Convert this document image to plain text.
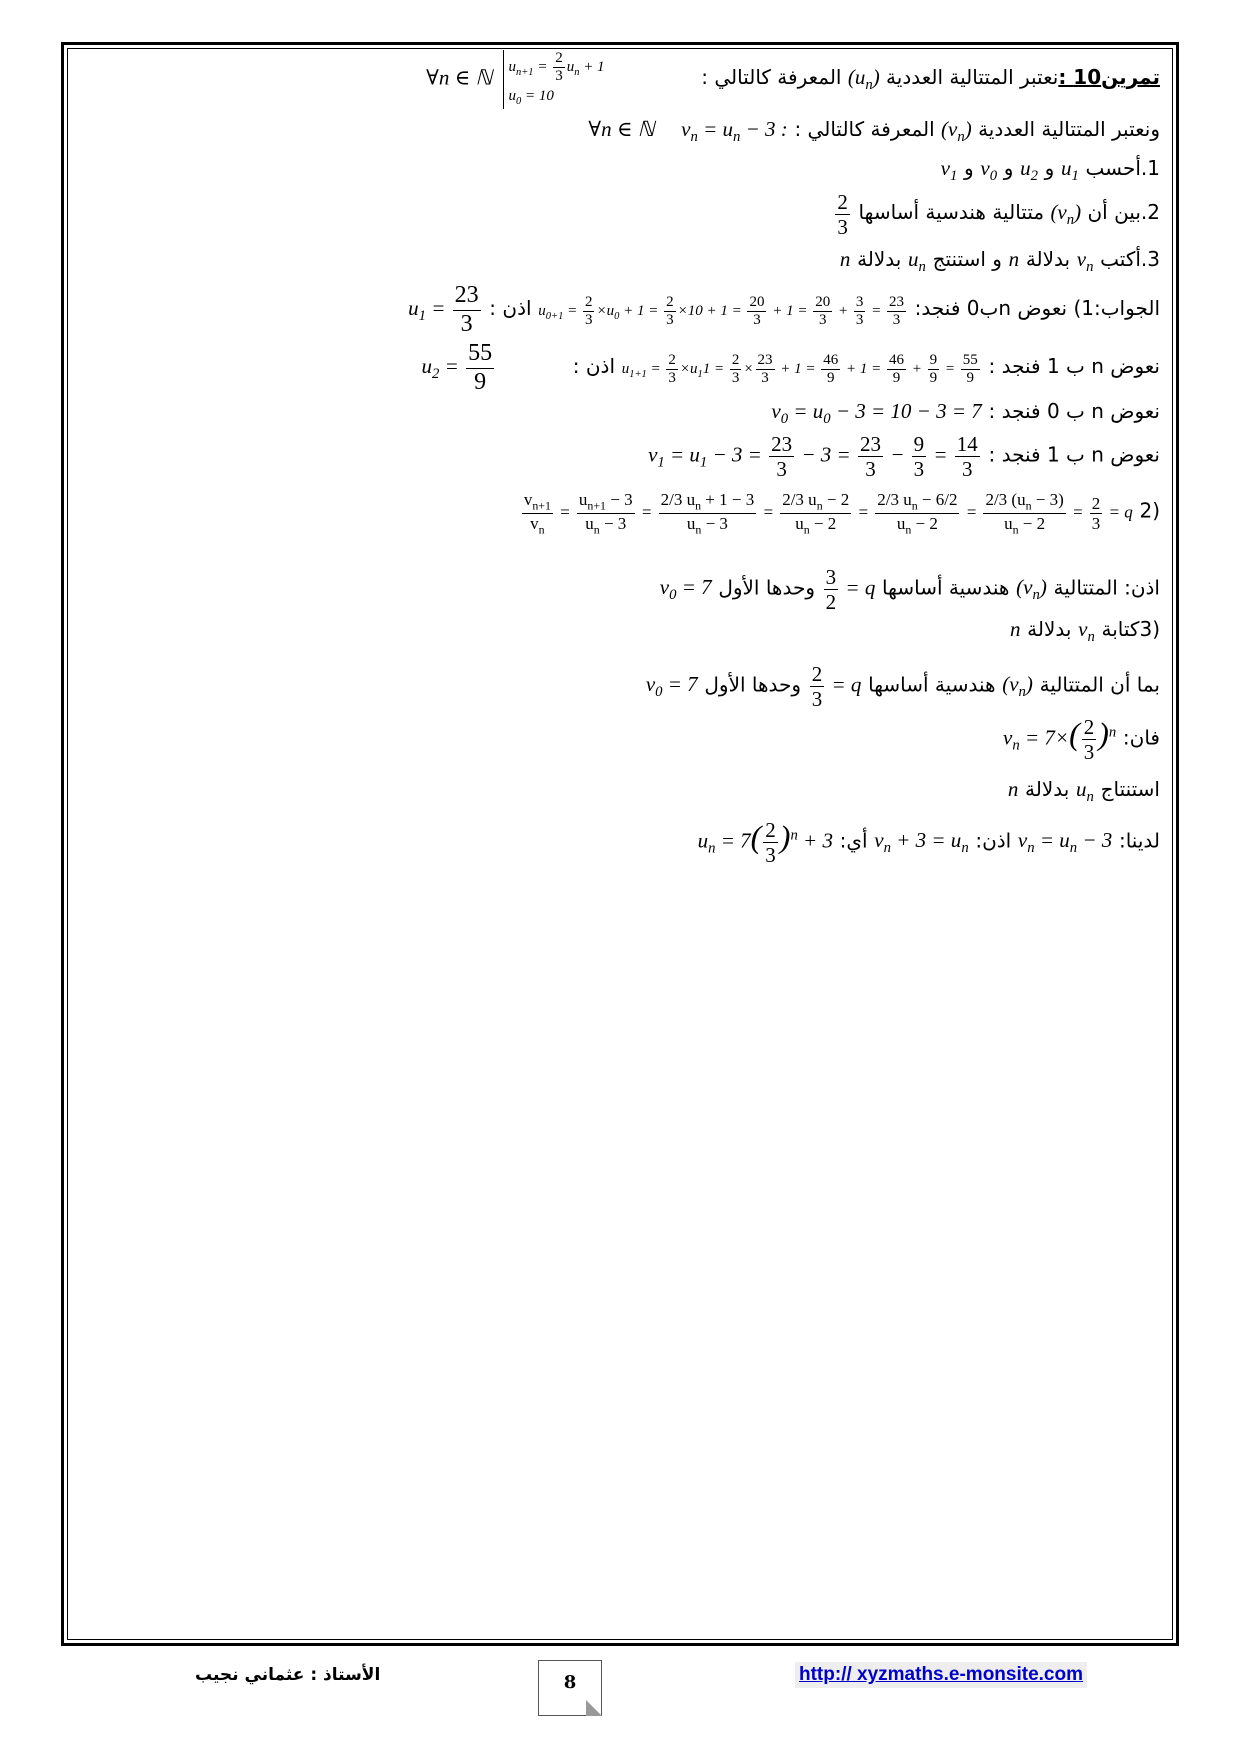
∀n ∈ ℕ $u_{n+1} = \frac{2}{3} u_n + 1$
$u_0 = 10$
تمرين10 :نعتبر المتتالية العددية $(u_n)$ المعرفة كالتالي :
∀n ∈ ℕ $v_n = u_n - 3$ :	ونعتبر المتتالية العددية $(v_n)$ المعرفة كالتالي :
$v_1$ و $v_0$ و $u_2$ و $u_1$ 1.أحسب
$\frac{2}{3}$	2.بين أن $(v_n)$ متتالية هندسية أساسها
n بدلالة $u_n$ و استنتج n بدلالة $v_n$ 3.أكتب
$u_1 = \frac{23}{3}$ اذن : $u_{0+1} = \frac{2}{3} \times u_0 + 1 = \frac{2}{3} \times 10 + 1 = \frac{20}{3} + 1 = \frac{20}{3} + \frac{3}{3} = \frac{23}{3}$ الجواب:1) نعوض nب0 فنجد:
$u_2 = \frac{55}{9}$	اذن : $u_{1+1} = \frac{2}{3} \times u_11 = \frac{2}{3} \times \frac{23}{3} + 1 = \frac{46}{9} + 1 = \frac{46}{9} + \frac{9}{9} = \frac{55}{9}$ نعوض n ب 1 فنجد :
$v_0 = u_0 - 3 = 10 - 3 = 7$ نعوض n ب 0 فنجد :
$v_1 = u_1 - 3 = \frac{23}{3} - 3 = \frac{23}{3} - \frac{9}{3} = \frac{14}{3}$ نعوض n ب 1 فنجد :
$\frac{v_{n+1}}{v_n} = \frac{u_{n+1} - 3}{u_n - 3} = \frac{2/3 u_n + 1 - 3}{u_n - 3} = \frac{2/3 u_n - 2}{u_n - 2} = \frac{2/3 u_n - 6/2}{u_n - 2} = \frac{2/3 (u_n - 3)}{u_n - 2} = \frac{2}{3} = q$ (2
$v_0 = 7$ وحدها الأول $\frac{3}{2} = q$ هندسية أساسها $(v_n)$ اذن: المتتالية
n بدلالة $v_n$ كتابة(3
$v_0 = 7$ وحدها الأول $\frac{2}{3} = q$ هندسية أساسها $(v_n)$ بما أن المتتالية
$v_n = 7\times( \frac{2}{3} )^n$ فان:
n بدلالة $u_n$ استنتاج
$u_n = 7( \frac{2}{3} )^n + 3$ أي: $v_n + 3 = u_n$ اذن: $v_n = u_n - 3$ لدينا:
الأستاذ : عثماني نجيب	8	http:// xyzmaths.e-monsite.com
